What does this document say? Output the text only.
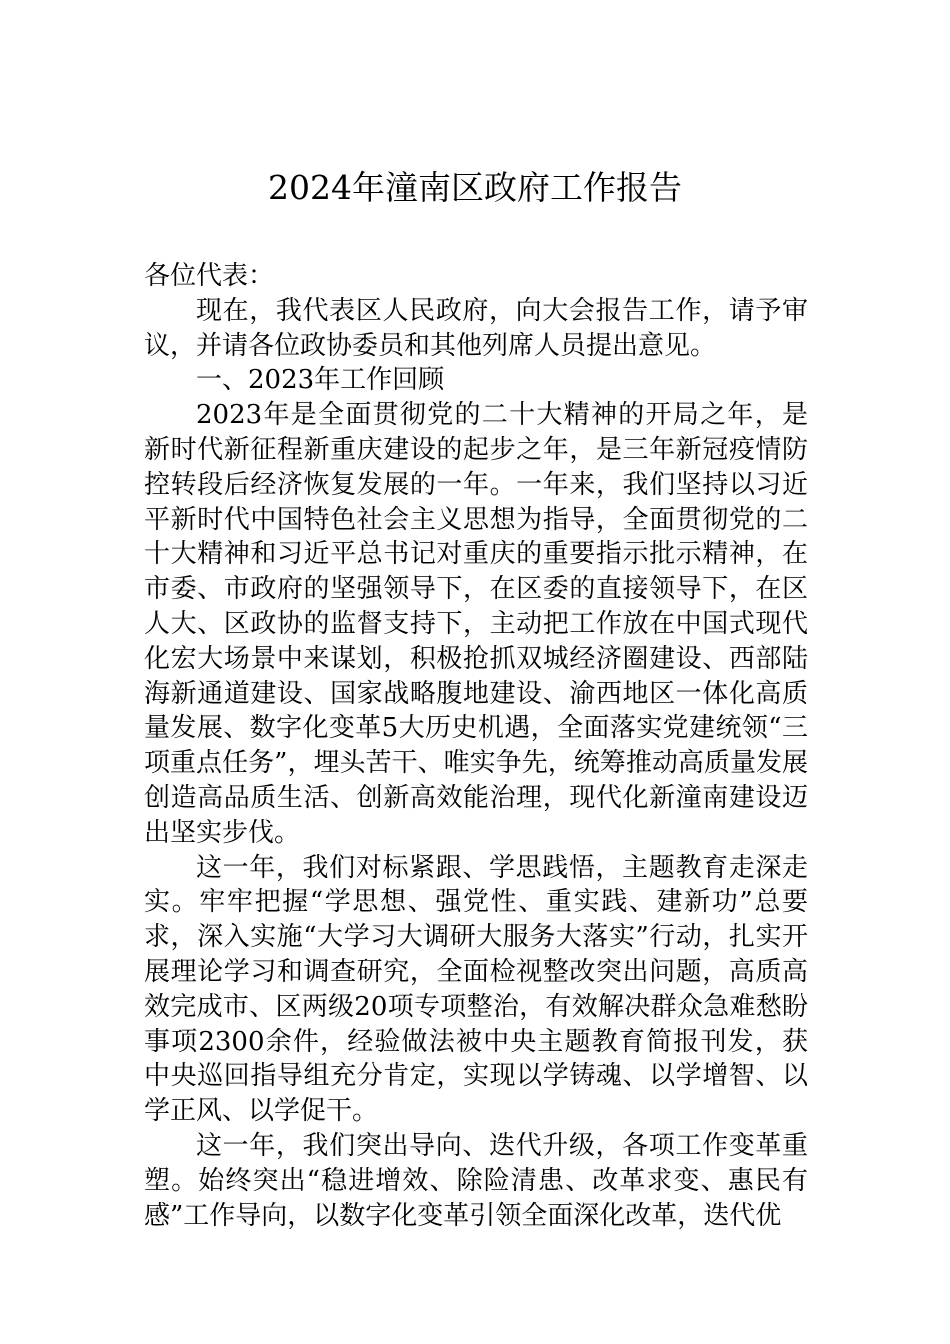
2024年潼南区政府工作报告

各位代表：

现在，我代表区人民政府，向大会报告工作，请予审议，并请各位政协委员和其他列席人员提出意见。

一、2023年工作回顾

2023年是全面贯彻党的二十大精神的开局之年，是新时代新征程新重庆建设的起步之年，是三年新冠疫情防控转段后经济恢复发展的一年。一年来，我们坚持以习近平新时代中国特色社会主义思想为指导，全面贯彻党的二十大精神和习近平总书记对重庆的重要指示批示精神，在市委、市政府的坚强领导下，在区委的直接领导下，在区人大、区政协的监督支持下，主动把工作放在中国式现代化宏大场景中来谋划，积极抢抓双城经济圈建设、西部陆海新通道建设、国家战略腹地建设、渝西地区一体化高质量发展、数字化变革5大历史机遇，全面落实党建统领“三项重点任务”，埋头苦干、唯实争先，统筹推动高质量发展创造高品质生活、创新高效能治理，现代化新潼南建设迈出坚实步伐。

这一年，我们对标紧跟、学思践悟，主题教育走深走实。牢牢把握“学思想、强党性、重实践、建新功”总要求，深入实施“大学习大调研大服务大落实”行动，扎实开展理论学习和调查研究，全面检视整改突出问题，高质高效完成市、区两级20项专项整治，有效解决群众急难愁盼事项2300余件，经验做法被中央主题教育简报刊发，获中央巡回指导组充分肯定，实现以学铸魂、以学增智、以学正风、以学促干。

这一年，我们突出导向、迭代升级，各项工作变革重塑。始终突出“稳进增效、除险清患、改革求变、惠民有感”工作导向，以数字化变革引领全面深化改革，迭代优
